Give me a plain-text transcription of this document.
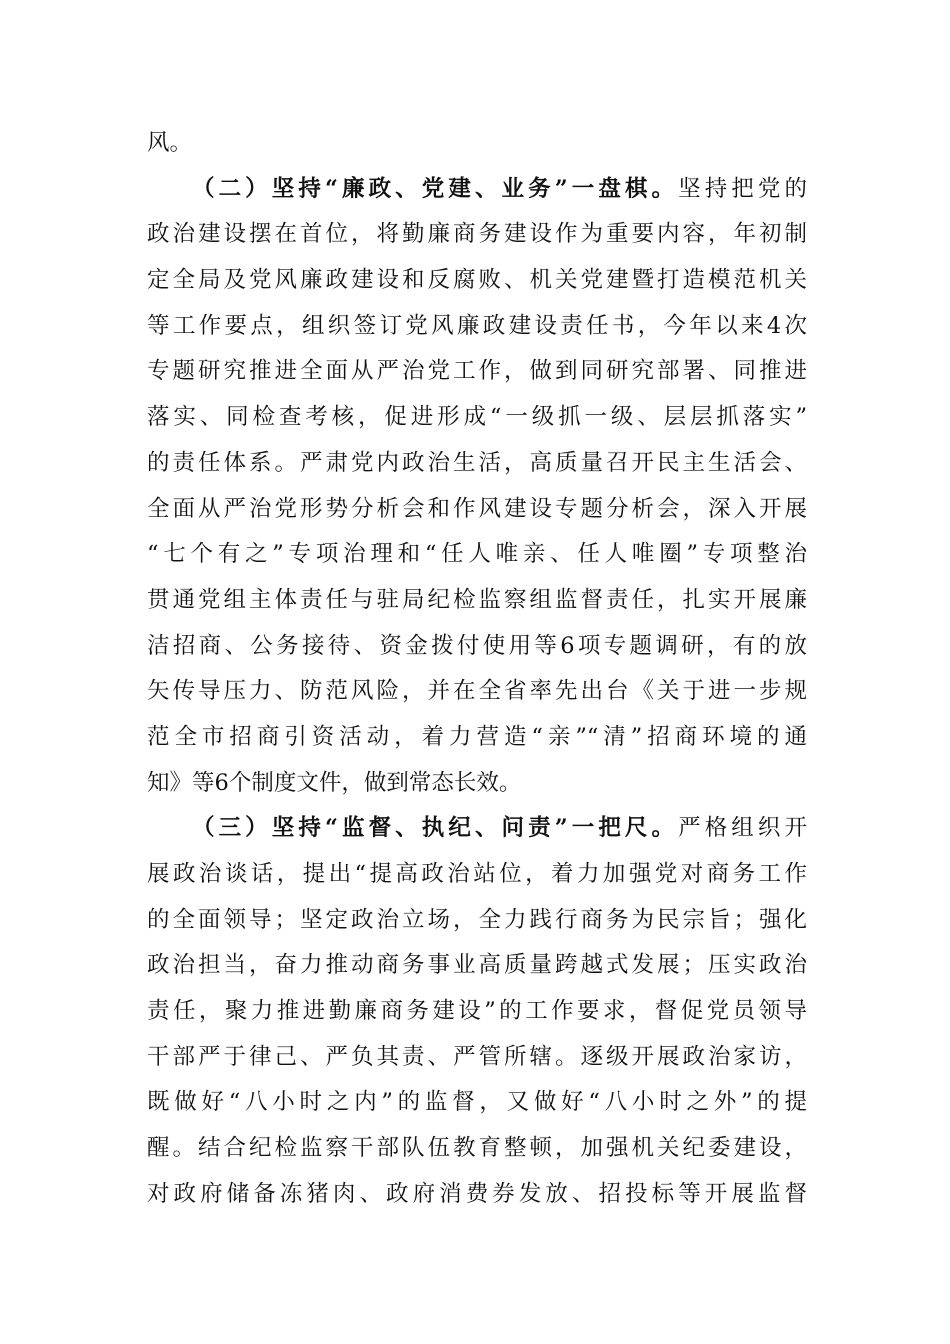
风。
（二）坚持“廉政、党建、业务”一盘棋。坚持把党的
政治建设摆在首位，将勤廉商务建设作为重要内容，年初制
定全局及党风廉政建设和反腐败、机关党建暨打造模范机关
等工作要点，组织签订党风廉政建设责任书，今年以来4次
专题研究推进全面从严治党工作，做到同研究部署、同推进
落实、同检查考核，促进形成“一级抓一级、层层抓落实”
的责任体系。严肃党内政治生活，高质量召开民主生活会、
全面从严治党形势分析会和作风建设专题分析会，深入开展
“七个有之”专项治理和“任人唯亲、任人唯圈”专项整治
贯通党组主体责任与驻局纪检监察组监督责任，扎实开展廉
洁招商、公务接待、资金拨付使用等6项专题调研，有的放
矢传导压力、防范风险，并在全省率先出台《关于进一步规
范全市招商引资活动，着力营造“亲”“清”招商环境的通
知》等6个制度文件，做到常态长效。
（三）坚持“监督、执纪、问责”一把尺。严格组织开
展政治谈话，提出“提高政治站位，着力加强党对商务工作
的全面领导；坚定政治立场，全力践行商务为民宗旨；强化
政治担当，奋力推动商务事业高质量跨越式发展；压实政治
责任，聚力推进勤廉商务建设”的工作要求，督促党员领导
干部严于律己、严负其责、严管所辖。逐级开展政治家访，
既做好“八小时之内”的监督，又做好“八小时之外”的提
醒。结合纪检监察干部队伍教育整顿，加强机关纪委建设，
对政府储备冻猪肉、政府消费券发放、招投标等开展监督
